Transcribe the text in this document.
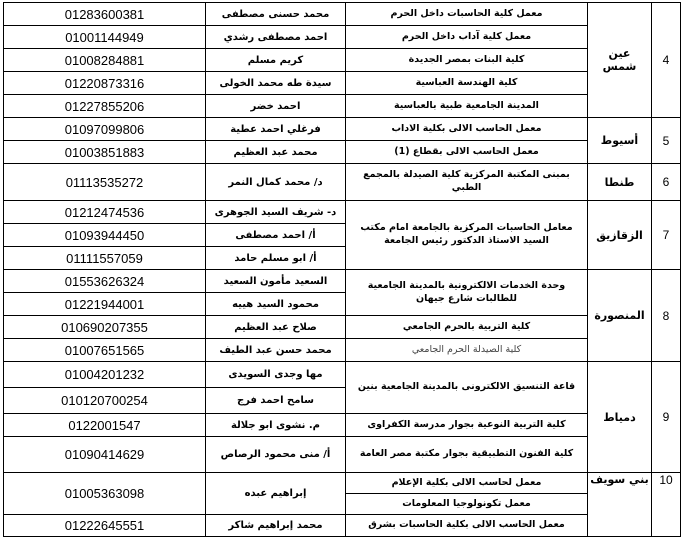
01283600381	محمد حسنى مصطفى	معمل كلية الحاسبات داخل الحرم	عين شمس	4
01001144949	احمد مصطفى رشدي	معمل كلية آداب داخل الحرم		
01008284881	كريم مسلم	كلية البنات بمصر الجديدة		
01220873316	سيدة طه محمد الخولى	كلية الهندسة العباسية		
01227855206	احمد خضر	المدينة الجامعية طبية بالعباسية		
01097099806	فرغلي احمد عطية	معمل الحاسب الالى بكلية الاداب	أسيوط	5
01003851883	محمد عبد العظيم	معمل الحاسب الالى بقطاع (1)		
01113535272	د/ محمد كمال النمر	بمبنى المكتبة المركزية كلية الصيدلة بالمجمع الطبي	طنطا	6
01212474536	د- شريف السيد الجوهرى	معامل الحاسبات المركزية بالجامعة امام مكتب السيد الاستاذ الدكتور رئيس الجامعة	الزقازيق	7
01093944450	أ/ احمد مصطفى			
01111557059	أ/ ابو مسلم حامد			
01553626324	السعيد مأمون السعيد	وحدة الخدمات الالكترونية بالمدينة الجامعية للطالبات شارع جيهان	المنصورة	8
01221944001	محمود السيد هييه			
010690207355	صلاح عبد العظيم	كلية التربية بالحرم الجامعي		
01007651565	محمد حسن عبد الطيف	كلية الصيدلة الحرم الجامعي		
01004201232	مها وجدى السويدى	قاعة التنسيق الالكترونى بالمدينة الجامعية بنين	دمياط	9
010120700254	سامح احمد فرج			
0122001547	م. نشوى ابو جلالة	كلية التربية النوعية بجوار مدرسة الكفراوى		
01090414629	أ/ منى محمود الرصاص	كلية الفنون التطبيقية بجوار مكتبة مصر العامة		
01005363098	إبراهيم عبده	معمل لحاسب الالى بكلية الإعلام	بني سويف	10
		معمل تكونولوجيا المعلومات		
01222645551	محمد إبراهيم شاكر	معمل الحاسب الالى بكلية الحاسبات بشرق		
